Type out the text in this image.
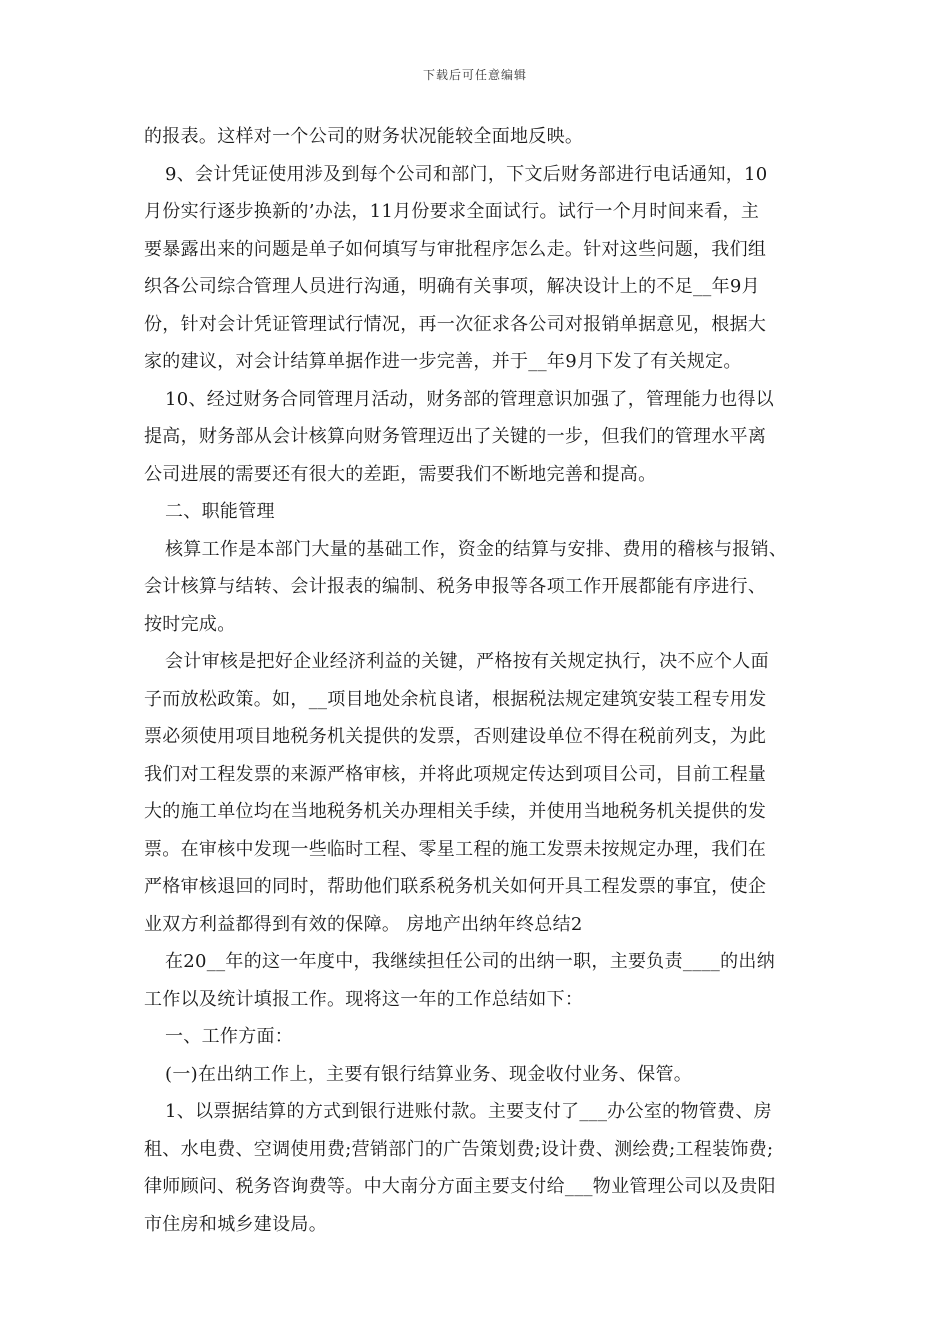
下载后可任意编辑
的报表。这样对一个公司的财务状况能较全面地反映。
9、会计凭证使用涉及到每个公司和部门，下文后财务部进行电话通知，10
月份实行逐步换新的’办法，11月份要求全面试行。试行一个月时间来看，主
要暴露出来的问题是单子如何填写与审批程序怎么走。针对这些问题，我们组
织各公司综合管理人员进行沟通，明确有关事项，解决设计上的不足__年9月
份，针对会计凭证管理试行情况，再一次征求各公司对报销单据意见，根据大
家的建议，对会计结算单据作进一步完善，并于__年9月下发了有关规定。
10、经过财务合同管理月活动，财务部的管理意识加强了，管理能力也得以
提高，财务部从会计核算向财务管理迈出了关键的一步，但我们的管理水平离
公司进展的需要还有很大的差距，需要我们不断地完善和提高。
二、职能管理
核算工作是本部门大量的基础工作，资金的结算与安排、费用的稽核与报销、
会计核算与结转、会计报表的编制、税务申报等各项工作开展都能有序进行、
按时完成。
会计审核是把好企业经济利益的关键，严格按有关规定执行，决不应个人面
子而放松政策。如，__项目地处余杭良诸，根据税法规定建筑安装工程专用发
票必须使用项目地税务机关提供的发票，否则建设单位不得在税前列支，为此
我们对工程发票的来源严格审核，并将此项规定传达到项目公司，目前工程量
大的施工单位均在当地税务机关办理相关手续，并使用当地税务机关提供的发
票。在审核中发现一些临时工程、零星工程的施工发票未按规定办理，我们在
严格审核退回的同时，帮助他们联系税务机关如何开具工程发票的事宜，使企
业双方利益都得到有效的保障。 房地产出纳年终总结2
在20__年的这一年度中，我继续担任公司的出纳一职，主要负责____的出纳
工作以及统计填报工作。现将这一年的工作总结如下：
一、工作方面：
(一)在出纳工作上，主要有银行结算业务、现金收付业务、保管。
1、以票据结算的方式到银行进账付款。主要支付了___办公室的物管费、房
租、水电费、空调使用费;营销部门的广告策划费;设计费、测绘费;工程装饰费;
律师顾问、税务咨询费等。中大南分方面主要支付给___物业管理公司以及贵阳
市住房和城乡建设局。
